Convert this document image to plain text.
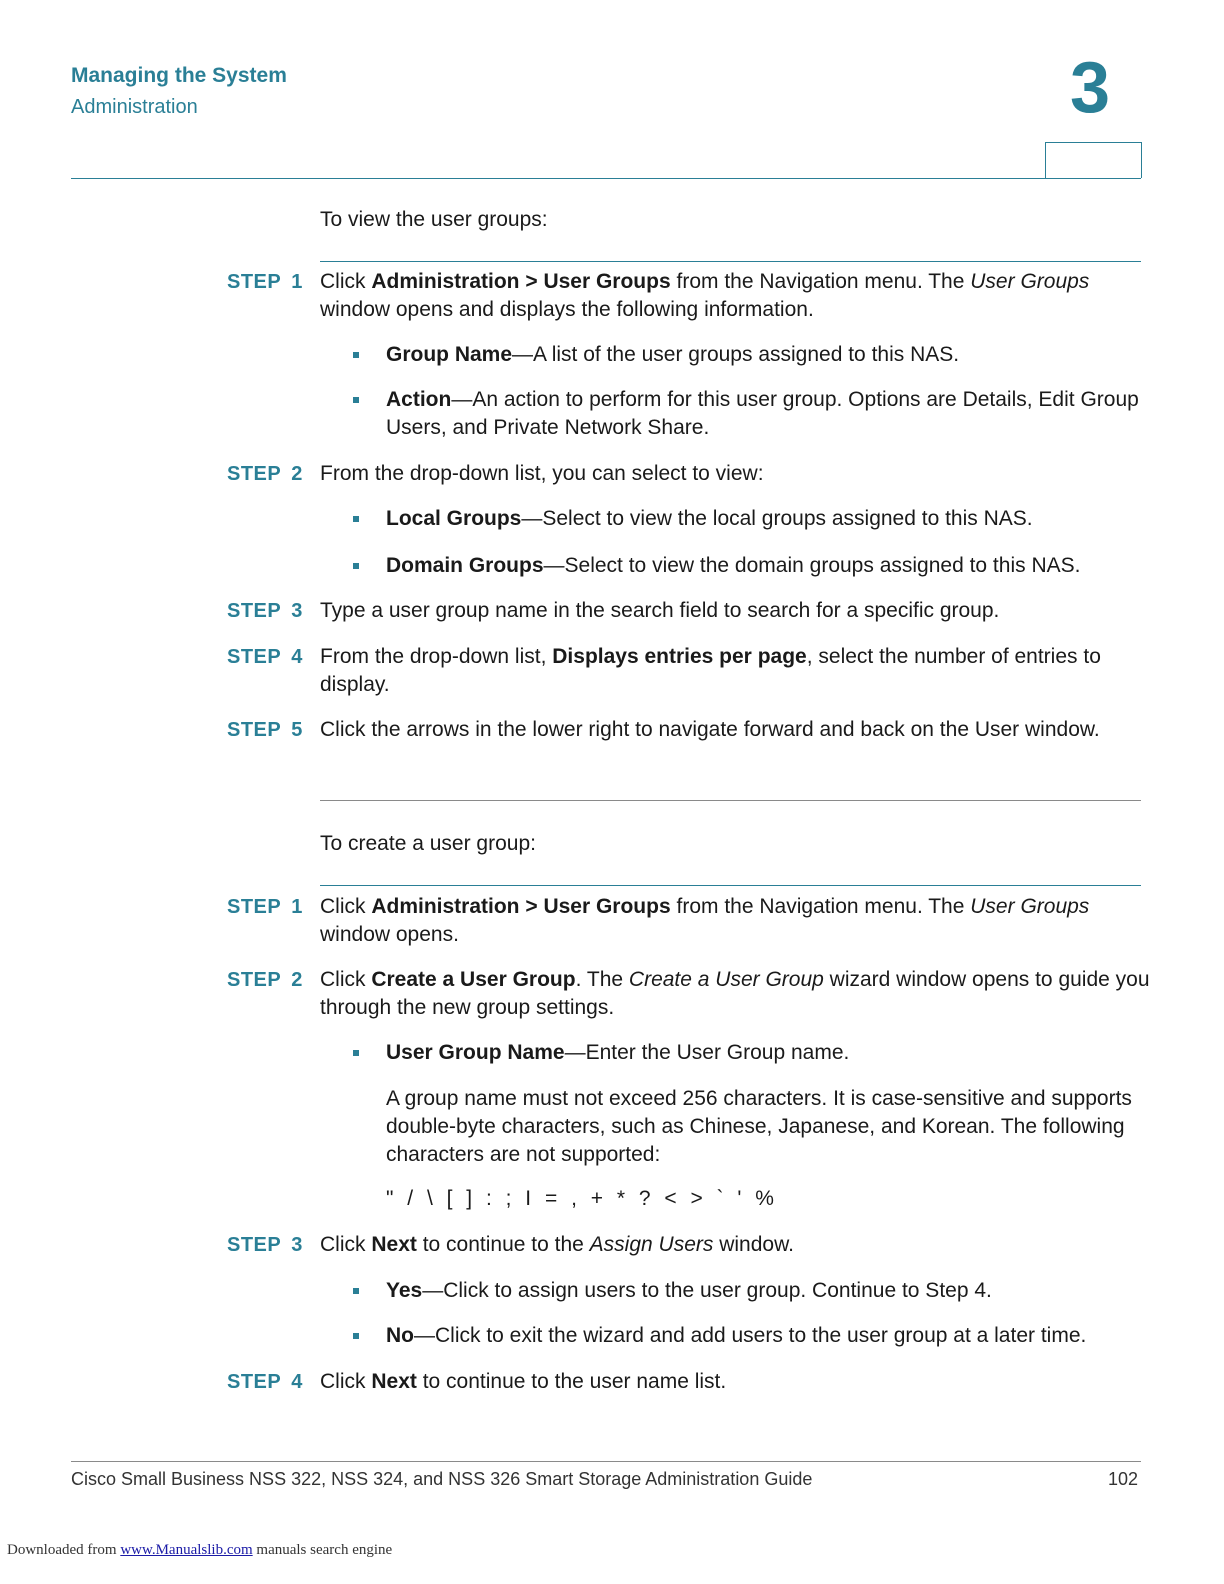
Managing the System
Administration	3
To view the user groups:
STEP 1 Click Administration > User Groups from the Navigation menu. The User Groups window opens and displays the following information.
Group Name—A list of the user groups assigned to this NAS.
Action—An action to perform for this user group. Options are Details, Edit Group Users, and Private Network Share.
STEP 2 From the drop-down list, you can select to view:
Local Groups—Select to view the local groups assigned to this NAS.
Domain Groups—Select to view the domain groups assigned to this NAS.
STEP 3 Type a user group name in the search field to search for a specific group.
STEP 4 From the drop-down list, Displays entries per page, select the number of entries to display.
STEP 5 Click the arrows in the lower right to navigate forward and back on the User window.
To create a user group:
STEP 1 Click Administration > User Groups from the Navigation menu. The User Groups window opens.
STEP 2 Click Create a User Group. The Create a User Group wizard window opens to guide you through the new group settings.
User Group Name—Enter the User Group name.
A group name must not exceed 256 characters. It is case-sensitive and supports double-byte characters, such as Chinese, Japanese, and Korean. The following characters are not supported:
" / \ [ ] : ; I = , + * ? < > ` ' %
STEP 3 Click Next to continue to the Assign Users window.
Yes—Click to assign users to the user group. Continue to Step 4.
No—Click to exit the wizard and add users to the user group at a later time.
STEP 4 Click Next to continue to the user name list.
Cisco Small Business NSS 322, NSS 324, and NSS 326 Smart Storage Administration Guide	102
Downloaded from www.Manualslib.com manuals search engine
